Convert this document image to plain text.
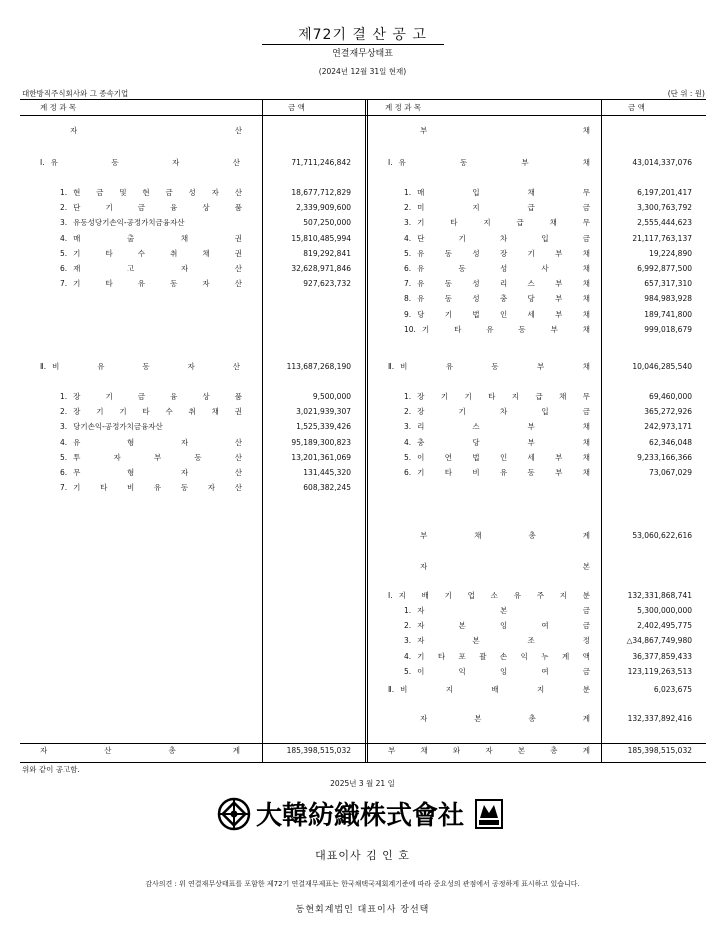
제72기 결 산 공 고
연결재무상태표
(2024년 12월 31일 현재)
대한방직주식회사와 그 종속기업	(단 위 : 원)
계 정 과 목	금 액	계 정 과 목	금 액
자	산
Ⅰ. 유	동	자	산	71,711,246,842
1. 현 금 및 현 금 성 자 산	18,677,712,829
2. 단	기	금	융	상	품	2,339,909,600
3. 유동성당기손익-공정가치금융자산	507,250,000
4. 매	출	채	권	15,810,485,994
5. 기	타	수	취	채	권	819,292,841
6. 재	고	자	산	32,628,971,846
7. 기	타	유	동	자	산	927,623,732
Ⅱ. 비	유	동	자	산	113,687,268,190
1. 장	기	금	융	상	품	9,500,000
2. 장 기 기 타 수 취 채 권	3,021,939,307
3. 당기손익-공정가치금융자산	1,525,339,426
4. 유	형	자	산	95,189,300,823
5. 투	자	부	동	산	13,201,361,069
6. 무	형	자	산	131,445,320
7. 기	타	비	유	동	자	산	608,382,245
자	산	총	계	185,398,515,032
부	채
Ⅰ. 유	동	부	채	43,014,337,076
1. 매	입	채	무	6,197,201,417
2. 미	지	급	금	3,300,763,792
3. 기	타	지	급	채	무	2,555,444,623
4. 단	기	차	입	금	21,117,763,137
5. 유	동	성	장	기	부	채	19,224,890
6. 유	동	성	사	채	6,992,877,500
7. 유	동	성	리	스	부	채	657,317,310
8. 유	동	성	충	당	부	채	984,983,928
9. 당	기	법	인	세	부	채	189,741,800
10. 기	타	유	동	부	채	999,018,679
Ⅱ. 비	유	동	부	채	10,046,285,540
1. 장 기 기 타 지 급 채 무	69,460,000
2. 장	기	차	입	금	365,272,926
3. 리	스	부	채	242,973,171
4. 충	당	부	채	62,346,048
5. 이	연	법	인	세	부	채	9,233,166,366
6. 기	타	비	유	동	부	채	73,067,029
부	채	총	계	53,060,622,616
자	본
Ⅰ. 지 배 기 업 소 유 주 지 분	132,331,868,741
1. 자	본	금	5,300,000,000
2. 자	본	잉	여	금	2,402,495,775
3. 자	본	조	정	△34,867,749,980
4. 기 타 포 괄 손 익 누 계 액	36,377,859,433
5. 이	익	잉	여	금	123,119,263,513
Ⅱ. 비	지	배	지	분	6,023,675
자	본	총	계	132,337,892,416
부	채	와	자	본	총	계	185,398,515,032
위와 같이 공고함.
2025년 3 월 21 일
大韓紡織株式會社
대표이사 김 인 호
감사의견 : 위 연결재무상태표를 포함한 제72기 연결재무제표는 한국채택국제회계기준에 따라 중요성의 관점에서 공정하게 표시하고 있습니다.
동현회계법인 대표이사 장선택
